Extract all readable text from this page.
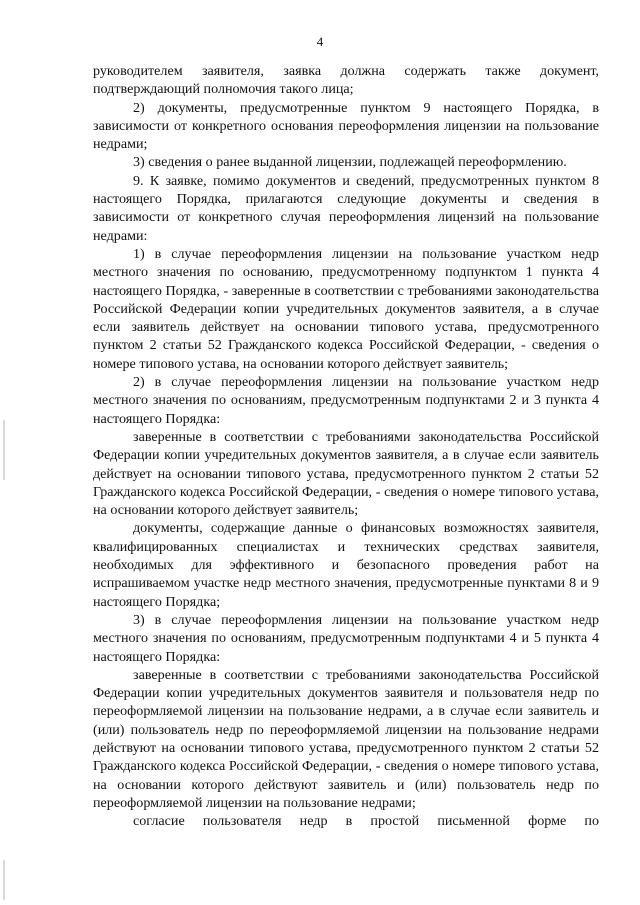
4

руководителем заявителя, заявка должна содержать также документ, подтверждающий полномочия такого лица;

2) документы, предусмотренные пунктом 9 настоящего Порядка, в зависимости от конкретного основания переоформления лицензии на пользование недрами;

3) сведения о ранее выданной лицензии, подлежащей переоформлению.

9. К заявке, помимо документов и сведений, предусмотренных пунктом 8 настоящего Порядка, прилагаются следующие документы и сведения в зависимости от конкретного случая переоформления лицензий на пользование недрами:

1) в случае переоформления лицензии на пользование участком недр местного значения по основанию, предусмотренному подпунктом 1 пункта 4 настоящего Порядка, - заверенные в соответствии с требованиями законодательства Российской Федерации копии учредительных документов заявителя, а в случае если заявитель действует на основании типового устава, предусмотренного пунктом 2 статьи 52 Гражданского кодекса Российской Федерации, - сведения о номере типового устава, на основании которого действует заявитель;

2) в случае переоформления лицензии на пользование участком недр местного значения по основаниям, предусмотренным подпунктами 2 и 3 пункта 4 настоящего Порядка:

заверенные в соответствии с требованиями законодательства Российской Федерации копии учредительных документов заявителя, а в случае если заявитель действует на основании типового устава, предусмотренного пунктом 2 статьи 52 Гражданского кодекса Российской Федерации, - сведения о номере типового устава, на основании которого действует заявитель;

документы, содержащие данные о финансовых возможностях заявителя, квалифицированных специалистах и технических средствах заявителя, необходимых для эффективного и безопасного проведения работ на испрашиваемом участке недр местного значения, предусмотренные пунктами 8 и 9 настоящего Порядка;

3) в случае переоформления лицензии на пользование участком недр местного значения по основаниям, предусмотренным подпунктами 4 и 5 пункта 4 настоящего Порядка:

заверенные в соответствии с требованиями законодательства Российской Федерации копии учредительных документов заявителя и пользователя недр по переоформляемой лицензии на пользование недрами, а в случае если заявитель и (или) пользователь недр по переоформляемой лицензии на пользование недрами действуют на основании типового устава, предусмотренного пунктом 2 статьи 52 Гражданского кодекса Российской Федерации, - сведения о номере типового устава, на основании которого действуют заявитель и (или) пользователь недр по переоформляемой лицензии на пользование недрами;

согласие пользователя недр в простой письменной форме по
